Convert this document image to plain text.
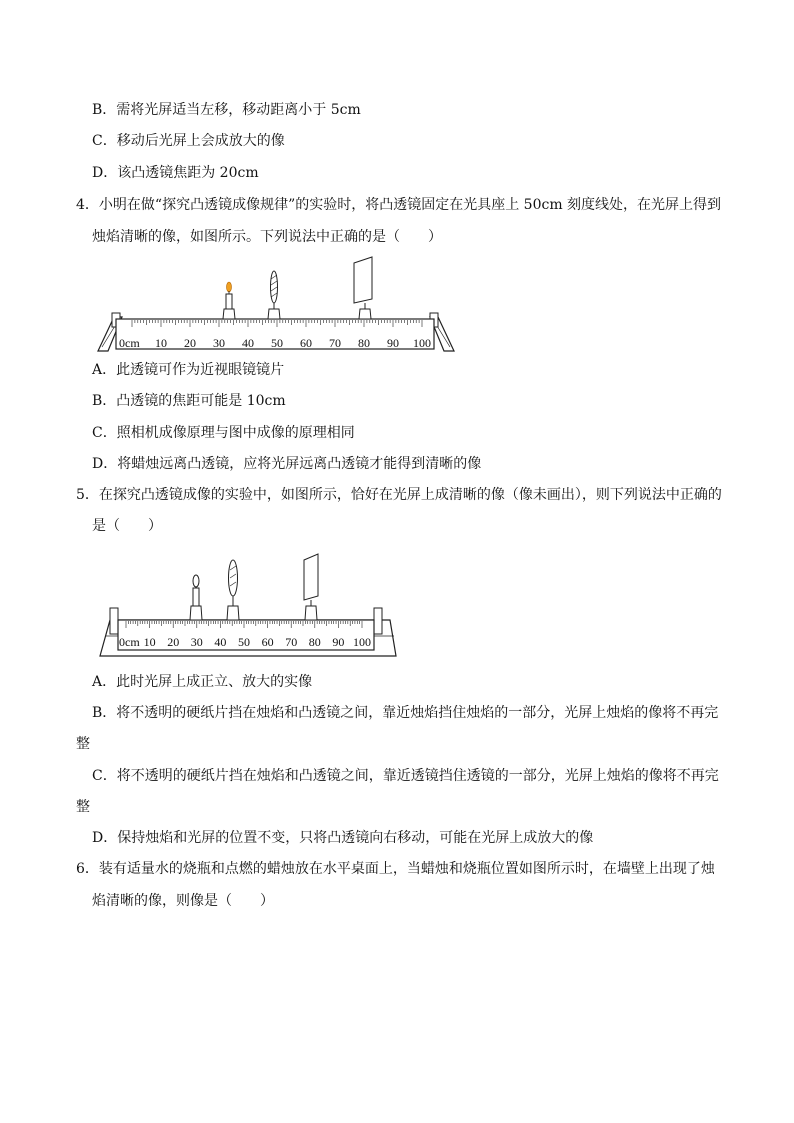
B．需将光屏适当左移，移动距离小于 5cm
C．移动后光屏上会成放大的像
D．该凸透镜焦距为 20cm
4．小明在做“探究凸透镜成像规律”的实验时，将凸透镜固定在光具座上 50cm 刻度线处，在光屏上得到
烛焰清晰的像，如图所示。下列说法中正确的是（　　）
0cm 10 20 30 40 50 60 70 80 90 100
A．此透镜可作为近视眼镜镜片
B．凸透镜的焦距可能是 10cm
C．照相机成像原理与图中成像的原理相同
D．将蜡烛远离凸透镜，应将光屏远离凸透镜才能得到清晰的像
5．在探究凸透镜成像的实验中，如图所示，恰好在光屏上成清晰的像（像未画出），则下列说法中正确的
是（　　）
0cm 10 20 30 40 50 60 70 80 90 100
A．此时光屏上成正立、放大的实像
B．将不透明的硬纸片挡在烛焰和凸透镜之间，靠近烛焰挡住烛焰的一部分，光屏上烛焰的像将不再完
整
C．将不透明的硬纸片挡在烛焰和凸透镜之间，靠近透镜挡住透镜的一部分，光屏上烛焰的像将不再完
整
D．保持烛焰和光屏的位置不变，只将凸透镜向右移动，可能在光屏上成放大的像
6．装有适量水的烧瓶和点燃的蜡烛放在水平桌面上，当蜡烛和烧瓶位置如图所示时，在墙壁上出现了烛
焰清晰的像，则像是（　　）
